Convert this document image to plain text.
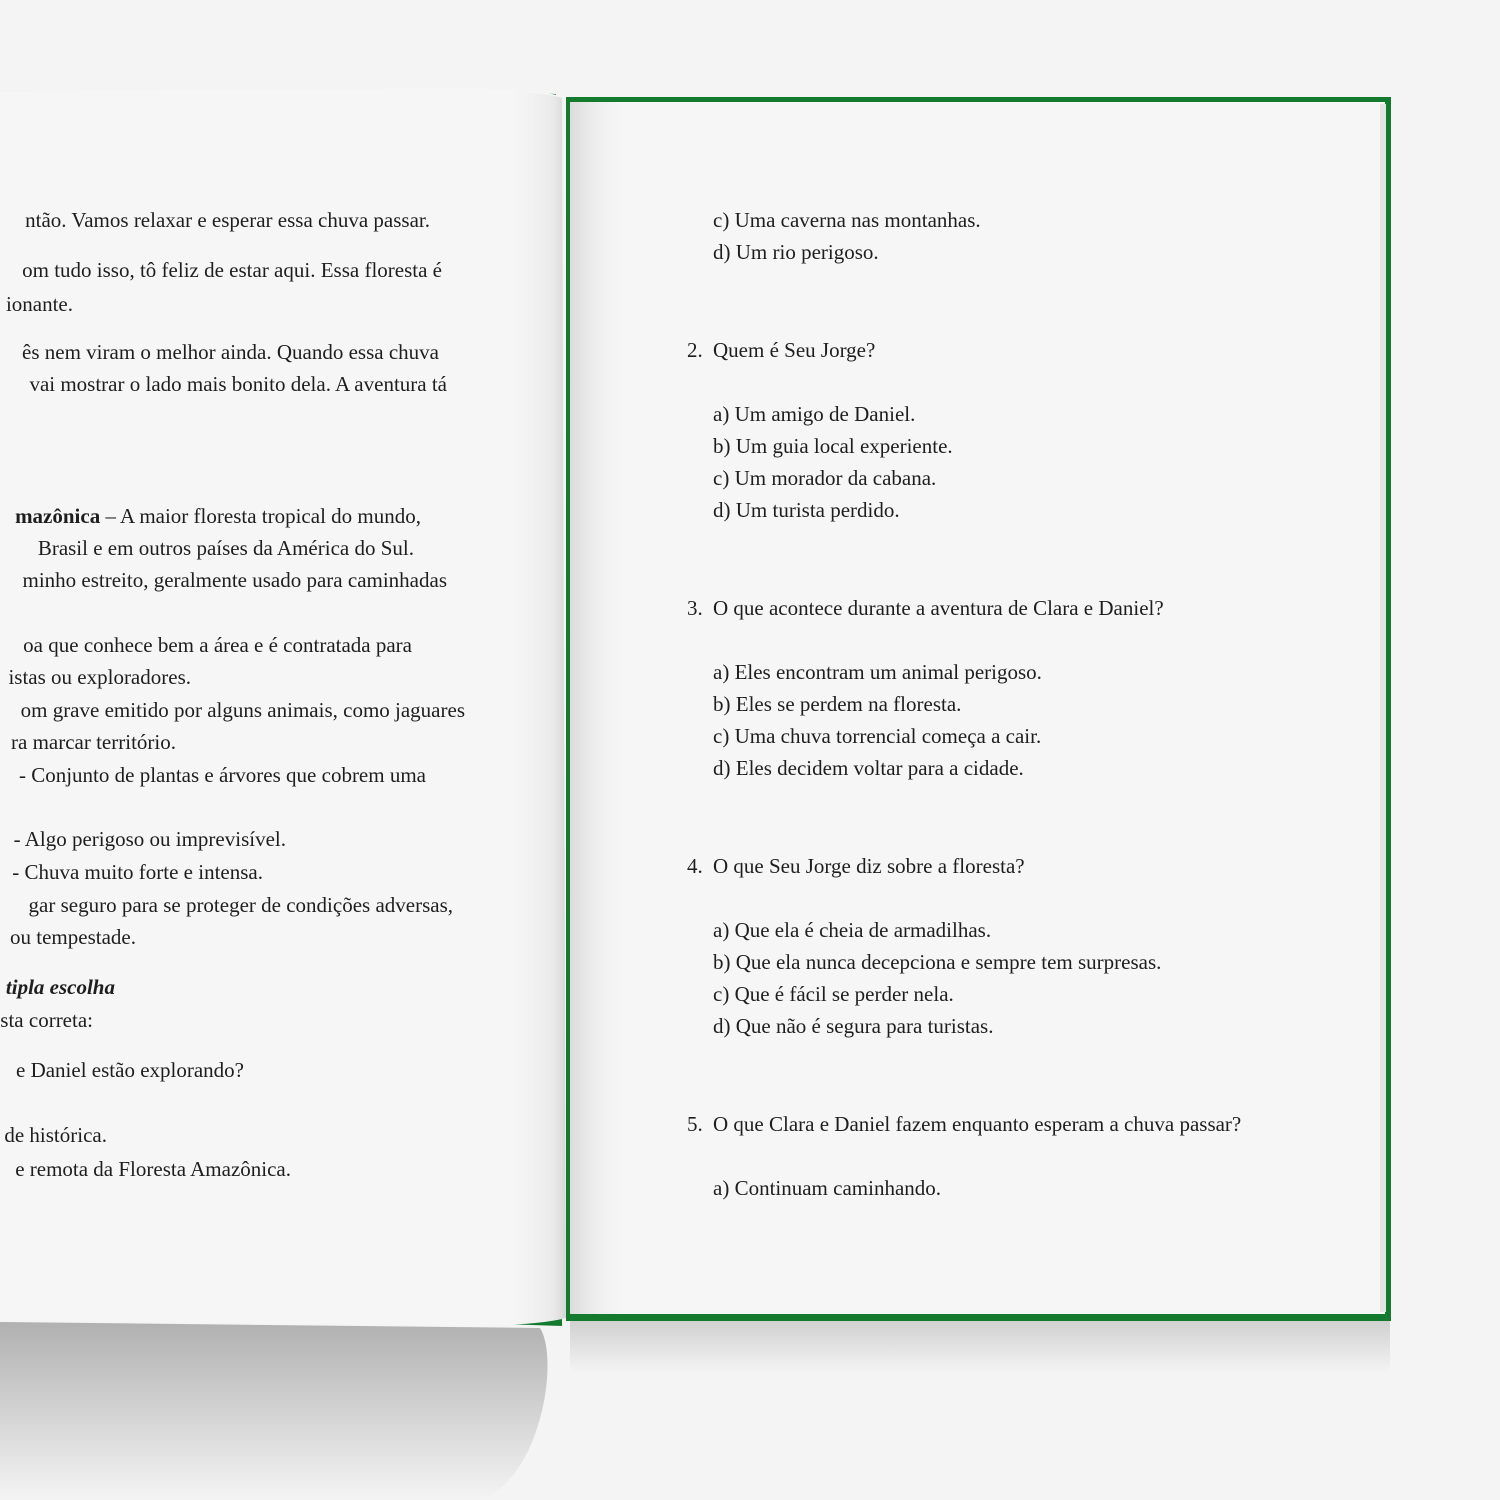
ntão. Vamos relaxar e esperar essa chuva passar.
om tudo isso, tô feliz de estar aqui. Essa floresta é
ionante.
ês nem viram o melhor ainda. Quando essa chuva
vai mostrar o lado mais bonito dela. A aventura tá
mazônica – A maior floresta tropical do mundo,
Brasil e em outros países da América do Sul.
minho estreito, geralmente usado para caminhadas
oa que conhece bem a área e é contratada para
istas ou exploradores.
om grave emitido por alguns animais, como jaguares
ra marcar território.
- Conjunto de plantas e árvores que cobrem uma
- Algo perigoso ou imprevisível.
- Chuva muito forte e intensa.
gar seguro para se proteger de condições adversas,
ou tempestade.
tipla escolha
sta correta:
e Daniel estão explorando?
de histórica.
e remota da Floresta Amazônica.
c) Uma caverna nas montanhas.
d) Um rio perigoso.
2. Quem é Seu Jorge?
a) Um amigo de Daniel.
b) Um guia local experiente.
c) Um morador da cabana.
d) Um turista perdido.
3. O que acontece durante a aventura de Clara e Daniel?
a) Eles encontram um animal perigoso.
b) Eles se perdem na floresta.
c) Uma chuva torrencial começa a cair.
d) Eles decidem voltar para a cidade.
4. O que Seu Jorge diz sobre a floresta?
a) Que ela é cheia de armadilhas.
b) Que ela nunca decepciona e sempre tem surpresas.
c) Que é fácil se perder nela.
d) Que não é segura para turistas.
5. O que Clara e Daniel fazem enquanto esperam a chuva passar?
a) Continuam caminhando.
